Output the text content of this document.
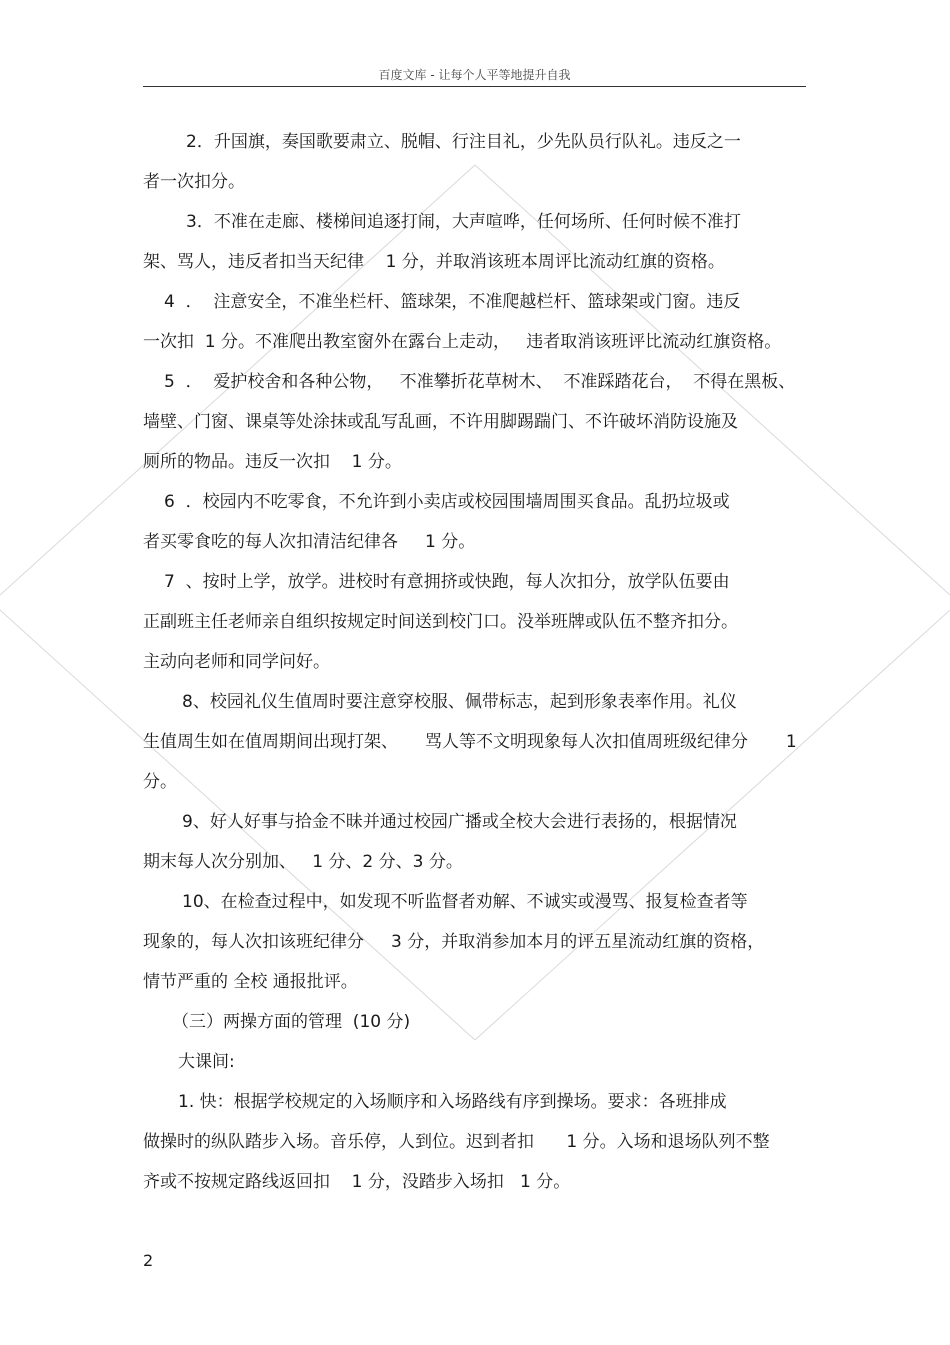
百度文库 - 让每个人平等地提升自我
2．升国旗，奏国歌要肃立、脱帽、行注目礼，少先队员行队礼。违反之一
者一次扣分。
3．不准在走廊、楼梯间追逐打闹，大声喧哗，任何场所、任何时候不准打
架、骂人，违反者扣当天纪律    1 分，并取消该班本周评比流动红旗的资格。
4  ．  注意安全，不准坐栏杆、篮球架，不准爬越栏杆、篮球架或门窗。违反
一次扣  1 分。不准爬出教室窗外在露台上走动，   违者取消该班评比流动红旗资格。
5  ．  爱护校舍和各种公物，   不准攀折花草树木、  不准踩踏花台，  不得在黑板、
墙壁、门窗、课桌等处涂抹或乱写乱画，不许用脚踢踹门、不许破坏消防设施及
厕所的物品。违反一次扣    1 分。
6  ．校园内不吃零食，不允许到小卖店或校园围墙周围买食品。乱扔垃圾或
者买零食吃的每人次扣清洁纪律各     1 分。
7  、按时上学，放学。进校时有意拥挤或快跑，每人次扣分，放学队伍要由
正副班主任老师亲自组织按规定时间送到校门口。没举班牌或队伍不整齐扣分。
主动向老师和同学问好。
8、校园礼仪生值周时要注意穿校服、佩带标志，起到形象表率作用。礼仪
生值周生如在值周期间出现打架、     骂人等不文明现象每人次扣值周班级纪律分       1
分。
9、好人好事与拾金不昧并通过校园广播或全校大会进行表扬的，根据情况
期末每人次分别加、   1 分、2 分、3 分。
10、在检查过程中，如发现不听监督者劝解、不诚实或漫骂、报复检查者等
现象的，每人次扣该班纪律分     3 分，并取消参加本月的评五星流动红旗的资格，
情节严重的 全校 通报批评。
（三）两操方面的管理  (10 分)
大课间:
1. 快：根据学校规定的入场顺序和入场路线有序到操场。要求：各班排成
做操时的纵队踏步入场。音乐停，人到位。迟到者扣      1 分。入场和退场队列不整
齐或不按规定路线返回扣    1 分，没踏步入场扣   1 分。
2
